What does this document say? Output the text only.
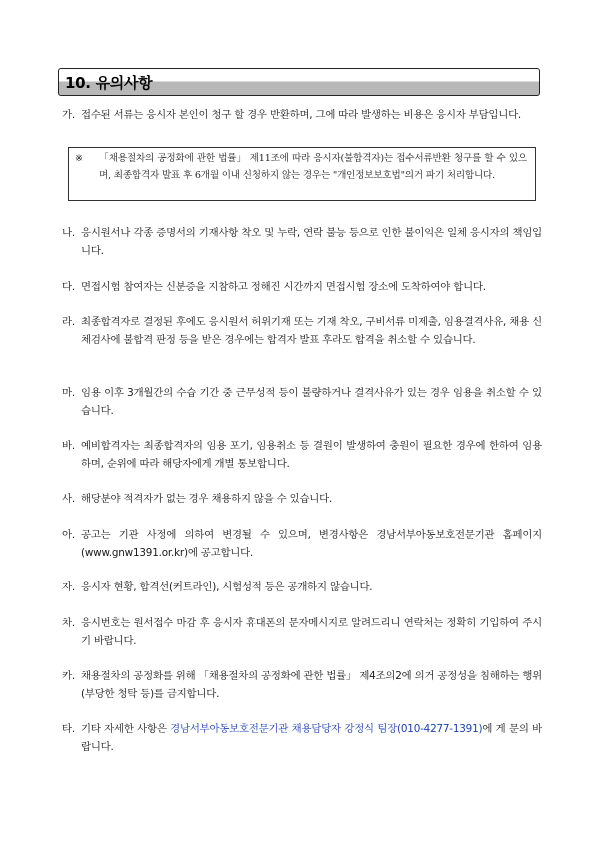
10. 유의사항
가. 접수된 서류는 응시자 본인이 청구 할 경우 반환하며, 그에 따라 발생하는 비용은 응시자 부담입니다.
※	「채용절차의 공정화에 관한 법률」 제11조에 따라 응시자(불합격자)는 접수서류반환 청구를 할 수 있으며, 최종합격자 발표 후 6개월 이내 신청하지 않는 경우는 "개인정보보호법"의거 파기 처리합니다.
나. 응시원서나 각종 증명서의 기재사항 착오 및 누락, 연락 불능 등으로 인한 불이익은 일체 응시자의 책임입니다.
다. 면접시험 참여자는 신분증을 지참하고 정해진 시간까지 면접시험 장소에 도착하여야 합니다.
라. 최종합격자로 결정된 후에도 응시원서 허위기재 또는 기재 착오, 구비서류 미제출, 임용결격사유, 채용 신체검사에 불합격 판정 등을 받은 경우에는 합격자 발표 후라도 합격을 취소할 수 있습니다.
마. 임용 이후 3개월간의 수습 기간 중 근무성적 등이 불량하거나 결격사유가 있는 경우 임용을 취소할 수 있습니다.
바. 예비합격자는 최종합격자의 임용 포기, 임용취소 등 결원이 발생하여 충원이 필요한 경우에 한하여 임용하며, 순위에 따라 해당자에게 개별 통보합니다.
사. 해당분야 적격자가 없는 경우 채용하지 않을 수 있습니다.
아. 공고는 기관 사정에 의하여 변경될 수 있으며, 변경사항은 경남서부아동보호전문기관 홈페이지(www.gnw1391.or.kr)에 공고합니다.
자. 응시자 현황, 합격선(커트라인), 시험성적 등은 공개하지 않습니다.
차. 응시번호는 원서접수 마감 후 응시자 휴대폰의 문자메시지로 알려드리니 연락처는 정확히 기입하여 주시기 바랍니다.
카. 채용절차의 공정화를 위해 「채용절차의 공정화에 관한 법률」 제4조의2에 의거 공정성을 침해하는 행위(부당한 청탁 등)를 금지합니다.
타. 기타 자세한 사항은 경남서부아동보호전문기관 채용담당자 강정식 팀장(010-4277-1391)에 게 문의 바랍니다.
